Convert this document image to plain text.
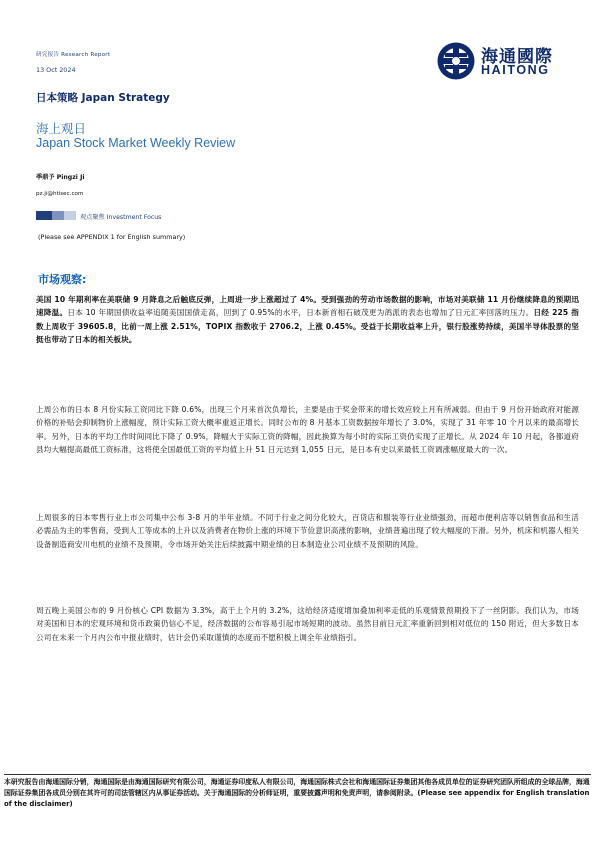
研究报告 Research Report
13 Oct 2024
日本策略 Japan Strategy
海上观日
Japan Stock Market Weekly Review
海通國際
HAITONG
季鼎予 Pingzi Ji
pz.ji@htisec.com
观点聚焦 Investment Focus
(Please see APPENDIX 1 for English summary)
市场观察:
美国 10 年期利率在美联储 9 月降息之后触底反弹，上周进一步上涨超过了 4%。受到强劲的劳动市场数据的影响，市场对美联储 11 月份继续降息的预期迅速降温。日本 10 年期国债收益率追随美国国债走高，回到了 0.95%的水平，日本新首相石破茂更为鸽派的表态也增加了日元汇率回落的压力。日经 225 指数上周收于 39605.8，比前一周上涨 2.51%，TOPIX 指数收于 2706.2，上涨 0.45%。受益于长期收益率上升，银行股涨势持续，美国半导体股票的坚挺也带动了日本的相关板块。
上周公布的日本 8 月份实际工资同比下降 0.6%，出现三个月来首次负增长，主要是由于奖金带来的增长效应较上月有所减弱。但由于 9 月份开始政府对能源价格的补贴会抑制物价上涨幅度，预计实际工资大概率重返正增长。同时公布的 8 月基本工资数据按年增长了 3.0%，实现了 31 年零 10 个月以来的最高增长率。另外，日本的平均工作时间同比下降了 0.9%，降幅大于实际工资的降幅，因此换算为每小时的实际工资仍实现了正增长。从 2024 年 10 月起，各都道府县均大幅提高最低工资标准，这将使全国最低工资的平均值上升 51 日元达到 1,055 日元，是日本有史以来最低工资调涨幅度最大的一次。
上周很多的日本零售行业上市公司集中公布 3-8 月的半年业绩。不同于行业之间分化较大，百货店和服装等行业业绩强劲，而超市便利店等以销售食品和生活必需品为主的零售商，受到人工等成本的上升以及消费者在物价上涨的环境下节俭意识高涨的影响，业绩普遍出现了较大幅度的下滑。另外，机床和机器人相关设备制造商安川电机的业绩不及预期，令市场开始关注后续披露中期业绩的日本制造业公司业绩不及预期的风险。
周五晚上美国公布的 9 月份核心 CPI 数据为 3.3%，高于上个月的 3.2%，这给经济适度增加叠加利率走低的乐观情景预期投下了一丝阴影。我们认为，市场对美国和日本的宏观环境和货币政策仍信心不足，经济数据的公布容易引起市场短期的波动。虽然目前日元汇率重新回到相对低位的 150 附近，但大多数日本公司在未来一个月内公布中报业绩时，估计会仍采取谨慎的态度而不愿积极上调全年业绩指引。
本研究报告由海通国际分销，海通国际是由海通国际研究有限公司，海通证券印度私人有限公司，海通国际株式会社和海通国际证券集团其他各成员单位的证券研究团队所组成的全球品牌，海通国际证券集团各成员分别在其许可的司法管辖区内从事证券活动。关于海通国际的分析师证明，重要披露声明和免责声明，请参阅附录。(Please see appendix for English translation of the disclaimer)
